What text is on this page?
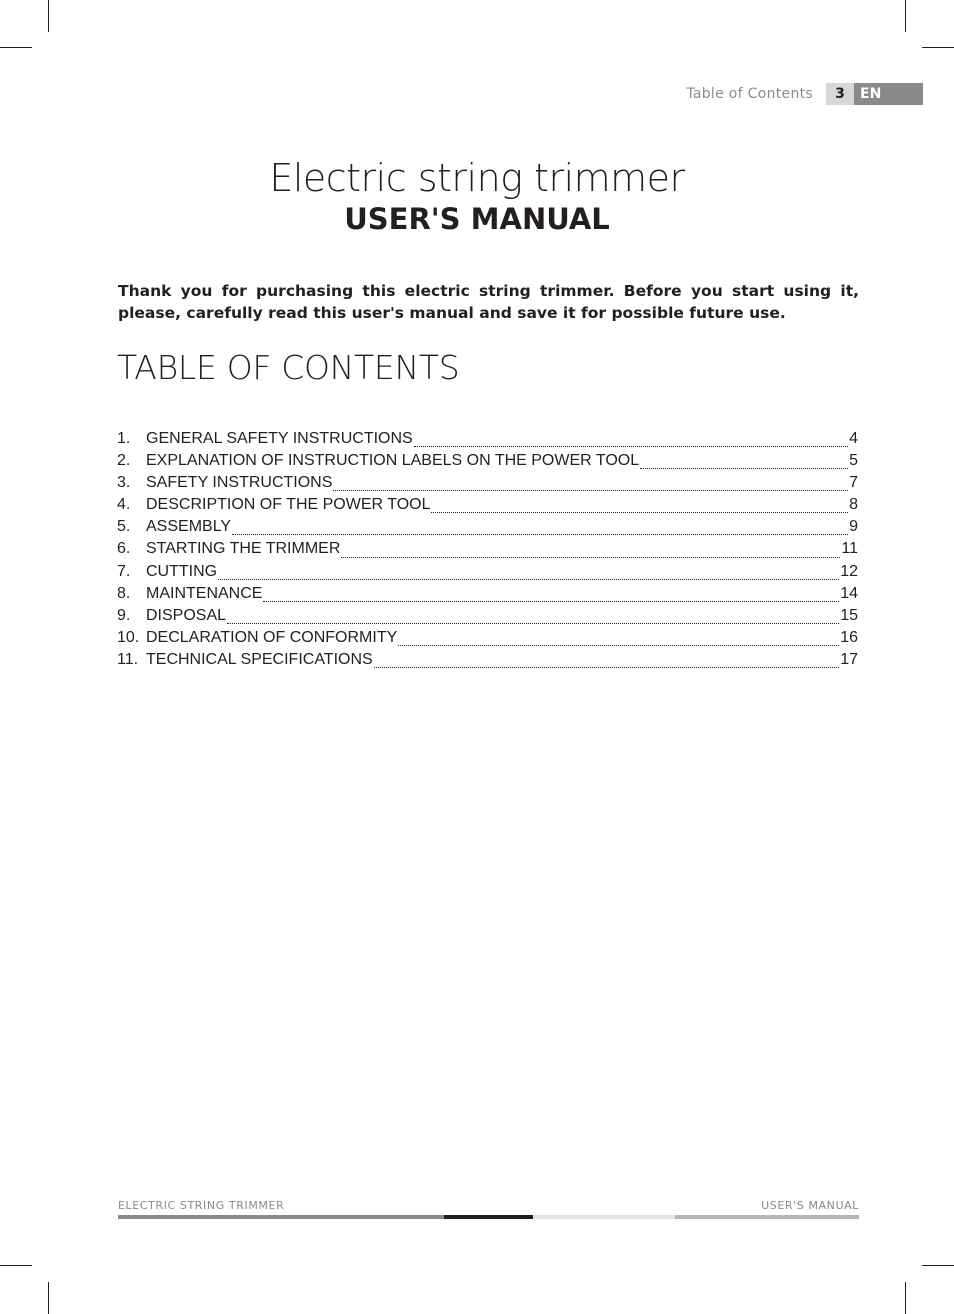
Table of Contents	3	EN
Electric string trimmer
USER'S MANUAL

Thank you for purchasing this electric string trimmer. Before you start using it, please, carefully read this user's manual and save it for possible future use.

TABLE OF CONTENTS
1. GENERAL SAFETY INSTRUCTIONS	4
2. EXPLANATION OF INSTRUCTION LABELS ON THE POWER TOOL	5
3. SAFETY INSTRUCTIONS	7
4. DESCRIPTION OF THE POWER TOOL	8
5. ASSEMBLY	9
6. STARTING THE TRIMMER	11
7. CUTTING	12
8. MAINTENANCE	14
9. DISPOSAL	15
10. DECLARATION OF CONFORMITY	16
11. TECHNICAL SPECIFICATIONS	17
ELECTRIC STRING TRIMMER	USER'S MANUAL
